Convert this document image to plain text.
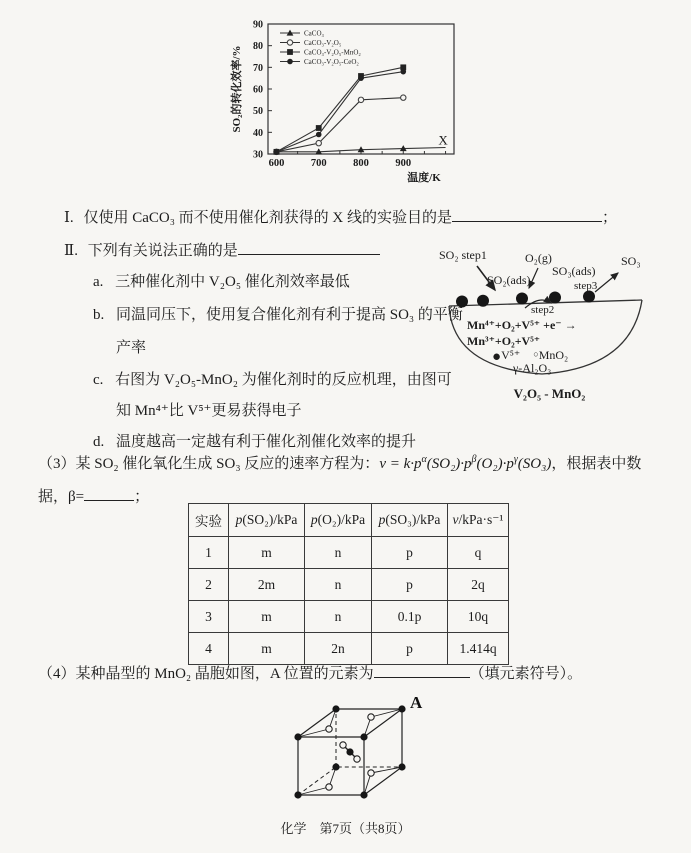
30
40
50
60
70
80
90
600	700	800	900
温度/K
SO₂的转化效率/%
CaCO₃
CaCO₃-V₂O₅
CaCO₃-V₂O₅-MnO₂
CaCO₃-V₂O₅-CeO₂
X
Ⅰ. 仅使用 CaCO₃ 而不使用催化剂获得的 X 线的实验目的是	；
Ⅱ. 下列有关说法正确的是
a. 三种催化剂中 V₂O₅ 催化剂效率最低
b. 同温同压下，使用复合催化剂有利于提高 SO₃ 的平衡
产率
c. 右图为 V₂O₅-MnO₂ 为催化剂时的反应机理，由图可
知 Mn⁴⁺比 V⁵⁺更易获得电子
d. 温度越高一定越有利于催化剂催化效率的提升
SO₂ step1	O₂(g)
SO₂(ads)
SO₃(ads)
step3
SO₃
step2
Mn⁴⁺+O₂+V⁵⁺ +e⁻ →
Mn³⁺+O₂+V⁵⁺
●V⁵⁺ ○MnO₂
γ-Al₂O₃
V₂O₅ - MnO₂
（3）某 SO₂ 催化氧化生成 SO₃ 反应的速率方程为：$v = k\cdot p^\alpha(SO_2)\cdot p^\beta(O_2)\cdot p^\gamma(SO_3)$，根据表中数
据，β=	；
实验	p(SO₂)/kPa	p(O₂)/kPa	p(SO₃)/kPa	v/kPa·s⁻¹
1	m	n	p	q
2	2m	n	p	2q
3	m	n	0.1p	10q
4	m	2n	p	1.414q
（4）某种晶型的 MnO₂ 晶胞如图，A 位置的元素为	（填元素符号）。
A
化学　第7页（共8页）
